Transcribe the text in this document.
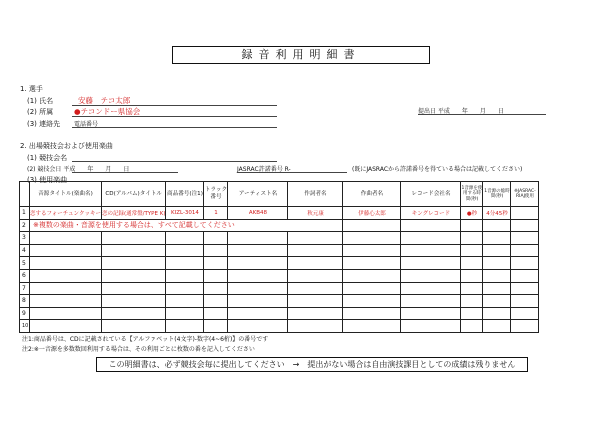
録音利用明細書
1. 選手
(1) 氏名	安藤　テコ太郎
(2) 所属	●テコンドー県協会
(3) 連絡先 電話番号
提出日 平成　　年　　月　　日
2. 出場競技会および使用楽曲
(1) 競技会名
(2) 競技会日 平成　　年　　月　　日	JASRAC許諾番号 R-	(既にJASRACから許諾番号を得ている場合は記載してください)
(3) 使用楽曲
	音源タイトル(楽曲名)	CD(アルバム)タイトル	商品番号(注1)	トラック番号	アーティスト名	作詞者名	作曲者名	レコード会社名	1音源を使用する時間(秒)	1音源の総時間(秒)	※JASRAC-RIAJ使用
1	恋するフォーチュンクッキー	恋の記録(通常盤/TYPE K)	KIZL-3014	1	AKB48	秋元康	伊藤心太郎	キングレコード	●秒	4分45秒	
2	※複数の楽曲・音源を使用する場合は、すべて記載してください										
3											
4											
5											
6											
7											
8											
9											
10											
注1:商品番号は、CDに記載されている【アルファベット(4文字)-数字(4~6桁)】の番号です
注2:※一音源を多数数回利用する場合は、その利用ごとに枚数の番を記入してください
この明細書は、必ず競技会毎に提出してください　→　提出がない場合は自由演技課目としての成績は残りません
